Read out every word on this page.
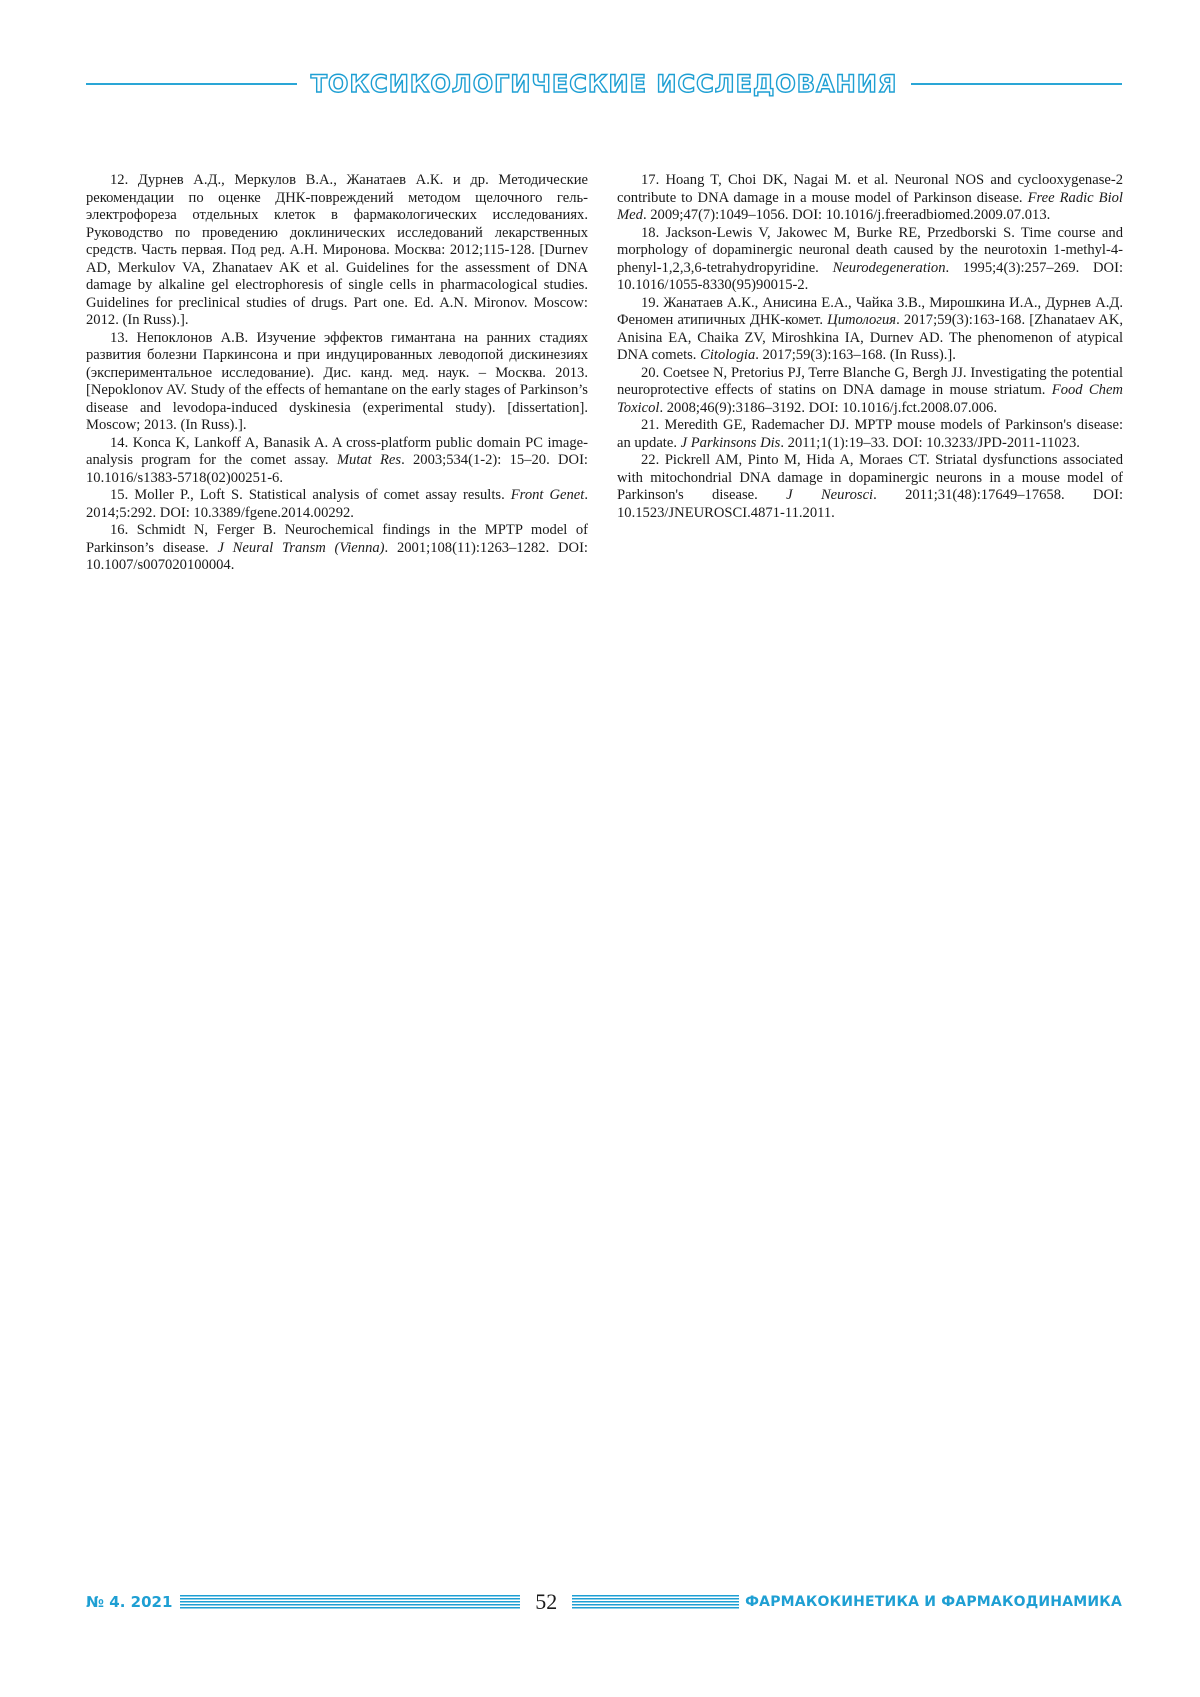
ТОКСИКОЛОГИЧЕСКИЕ ИССЛЕДОВАНИЯ

12. Дурнев А.Д., Меркулов В.А., Жанатаев А.К. и др. Методические рекомендации по оценке ДНК-повреждений методом щелочного гель-электрофореза отдельных клеток в фармакологических исследованиях. Руководство по проведению доклинических исследований лекарственных средств. Часть первая. Под ред. А.Н. Миронова. Москва: 2012;115-128. [Durnev AD, Merkulov VA, Zhanataev AK et al. Guidelines for the assessment of DNA damage by alkaline gel electrophoresis of single cells in pharmacological studies. Guidelines for preclinical studies of drugs. Part one. Ed. A.N. Mironov. Moscow: 2012. (In Russ).].

13. Непоклонов А.В. Изучение эффектов гимантана на ранних стадиях развития болезни Паркинсона и при индуцированных леводопой дискинезиях (экспериментальное исследование). Дис. канд. мед. наук. – Москва. 2013. [Nepoklonov AV. Study of the effects of hemantane on the early stages of Parkinson’s disease and levodopa-induced dyskinesia (experimental study). [dissertation]. Moscow; 2013. (In Russ).].

14. Konca K, Lankoff A, Banasik A. A cross-platform public domain PC image-analysis program for the comet assay. Mutat Res. 2003;534(1-2): 15–20. DOI: 10.1016/s1383-5718(02)00251-6.

15. Moller P., Loft S. Statistical analysis of comet assay results. Front Genet. 2014;5:292. DOI: 10.3389/fgene.2014.00292.

16. Schmidt N, Ferger B. Neurochemical findings in the MPTP model of Parkinson’s disease. J Neural Transm (Vienna). 2001;108(11):1263–1282. DOI: 10.1007/s007020100004.

17. Hoang T, Choi DK, Nagai M. et al. Neuronal NOS and cyclooxygenase-2 contribute to DNA damage in a mouse model of Parkinson disease. Free Radic Biol Med. 2009;47(7):1049–1056. DOI: 10.1016/j.freeradbiomed.2009.07.013.

18. Jackson-Lewis V, Jakowec M, Burke RE, Przedborski S. Time course and morphology of dopaminergic neuronal death caused by the neurotoxin 1-methyl-4-phenyl-1,2,3,6-tetrahydropyridine. Neurodegeneration. 1995;4(3):257–269. DOI: 10.1016/1055-8330(95)90015-2.

19. Жанатаев А.К., Анисина Е.А., Чайка З.В., Мирошкина И.А., Дурнев А.Д. Феномен атипичных ДНК-комет. Цитология. 2017;59(3):163-168. [Zhanataev AK, Anisina EA, Chaika ZV, Miroshkina IA, Durnev AD. The phenomenon of atypical DNA comets. Citologia. 2017;59(3):163–168. (In Russ).].

20. Coetsee N, Pretorius PJ, Terre Blanche G, Bergh JJ. Investigating the potential neuroprotective effects of statins on DNA damage in mouse striatum. Food Chem Toxicol. 2008;46(9):3186–3192. DOI: 10.1016/j.fct.2008.07.006.

21. Meredith GE, Rademacher DJ. MPTP mouse models of Parkinson's disease: an update. J Parkinsons Dis. 2011;1(1):19–33. DOI: 10.3233/JPD-2011-11023.

22. Pickrell AM, Pinto M, Hida A, Moraes CT. Striatal dysfunctions associated with mitochondrial DNA damage in dopaminergic neurons in a mouse model of Parkinson's disease. J Neurosci. 2011;31(48):17649–17658. DOI: 10.1523/JNEUROSCI.4871-11.2011.

№ 4. 2021	52	ФАРМАКОКИНЕТИКА И ФАРМАКОДИНАМИКА
